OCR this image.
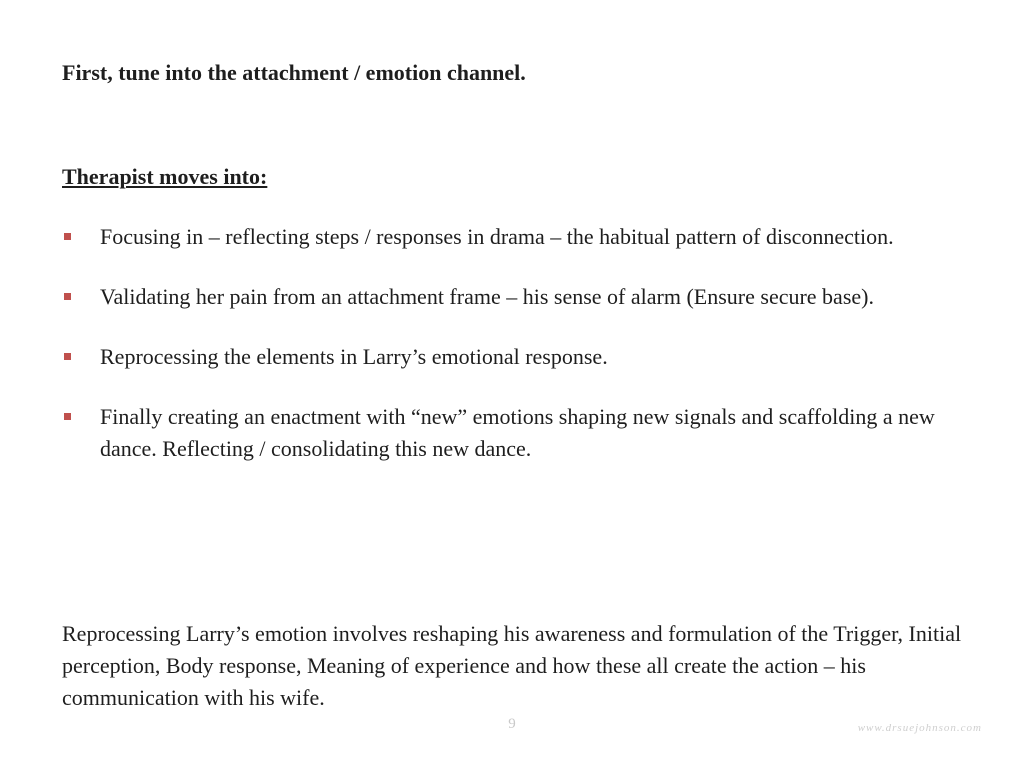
First, tune into the attachment / emotion channel.
Therapist moves into:
Focusing in – reflecting steps / responses in drama – the habitual pattern of disconnection.
Validating her pain from an attachment frame – his sense of alarm (Ensure secure base).
Reprocessing the elements in Larry’s emotional response.
Finally creating an enactment with “new” emotions shaping new signals and scaffolding a new dance. Reflecting / consolidating this new dance.

Reprocessing Larry’s emotion involves reshaping his awareness and formulation of the Trigger, Initial perception, Body response, Meaning of experience and how these all create the action – his communication with his wife.

9	www.drsuejohnson.com
